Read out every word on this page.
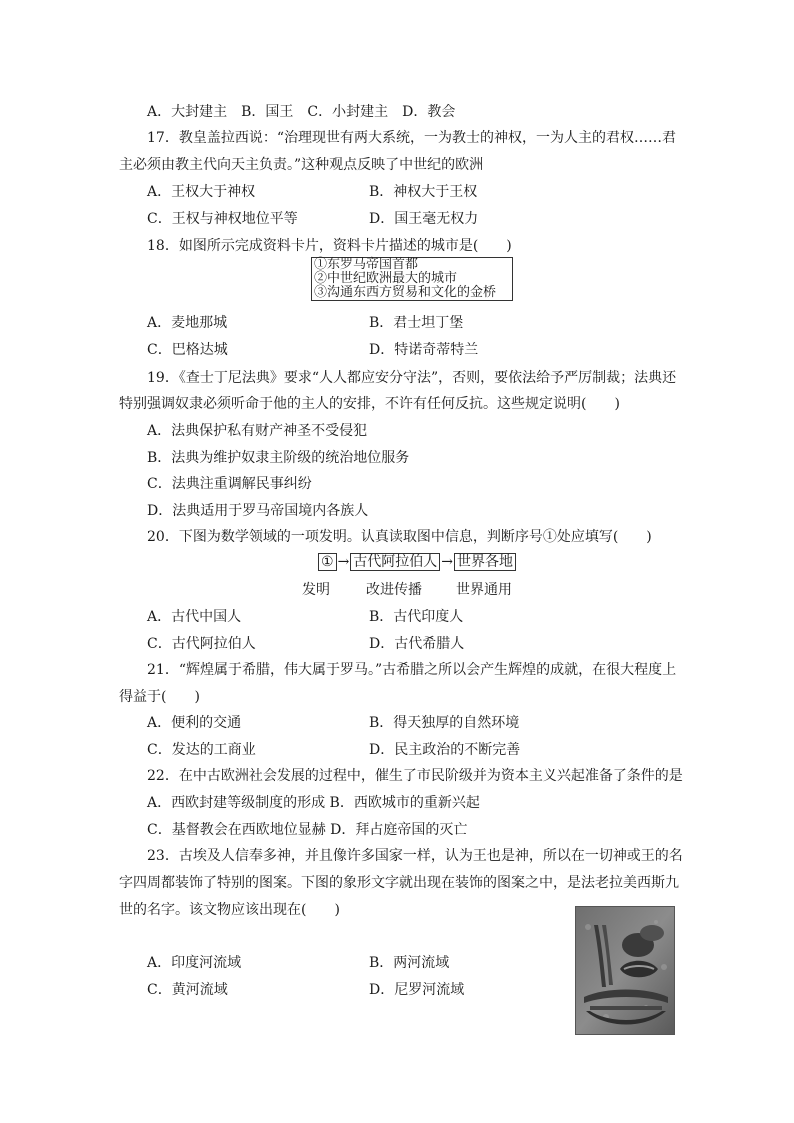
A．大封建主　B．国王　C．小封建主　D．教会
17．教皇盖拉西说：“治理现世有两大系统，一为教士的神权，一为人主的君权……君
主必须由教主代向天主负责。”这种观点反映了中世纪的欧洲
A．王权大于神权	B．神权大于王权
C．王权与神权地位平等	D．国王毫无权力
18．如图所示完成资料卡片，资料卡片描述的城市是(　　)
①东罗马帝国首都
②中世纪欧洲最大的城市
③沟通东西方贸易和文化的金桥
A．麦地那城	B．君士坦丁堡
C．巴格达城	D．特诺奇蒂特兰
19．《查士丁尼法典》要求“人人都应安分守法”，否则，要依法给予严厉制裁；法典还
特别强调奴隶必须听命于他的主人的安排，不许有任何反抗。这些规定说明(　　)
A．法典保护私有财产神圣不受侵犯
B．法典为维护奴隶主阶级的统治地位服务
C．法典注重调解民事纠纷
D．法典适用于罗马帝国境内各族人
20．下图为数学领域的一项发明。认真读取图中信息，判断序号①处应填写(　　)
① → 古代阿拉伯人 → 世界各地
发明	改进传播 世界通用
A．古代中国人	B．古代印度人
C．古代阿拉伯人	D．古代希腊人
21．“辉煌属于希腊，伟大属于罗马。”古希腊之所以会产生辉煌的成就，在很大程度上
得益于(　　)
A．便利的交通	B．得天独厚的自然环境
C．发达的工商业	D．民主政治的不断完善
22．在中古欧洲社会发展的过程中，催生了市民阶级并为资本主义兴起准备了条件的是
A．西欧封建等级制度的形成 B．西欧城市的重新兴起
C．基督教会在西欧地位显赫 D．拜占庭帝国的灭亡
23．古埃及人信奉多神，并且像许多国家一样，认为王也是神，所以在一切神或王的名
字四周都装饰了特别的图案。下图的象形文字就出现在装饰的图案之中，是法老拉美西斯九
世的名字。该文物应该出现在(　　)
A．印度河流域	B．两河流域
C．黄河流域	D．尼罗河流域
